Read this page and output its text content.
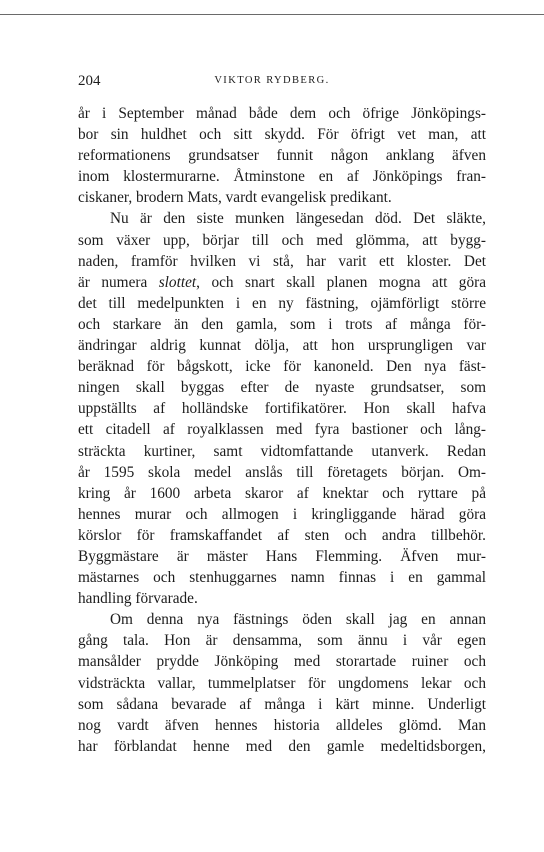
204	VIKTOR RYDBERG.
år i September månad både dem och öfrige Jönköpings-
bor sin huldhet och sitt skydd. För öfrigt vet man, att
reformationens grundsatser funnit någon anklang äfven
inom klostermurarne. Åtminstone en af Jönköpings fran-
ciskaner, brodern Mats, vardt evangelisk predikant.
Nu är den siste munken längesedan död. Det släkte,
som växer upp, börjar till och med glömma, att bygg-
naden, framför hvilken vi stå, har varit ett kloster. Det
är numera slottet, och snart skall planen mogna att göra
det till medelpunkten i en ny fästning, ojämförligt större
och starkare än den gamla, som i trots af många för-
ändringar aldrig kunnat dölja, att hon ursprungligen var
beräknad för bågskott, icke för kanoneld. Den nya fäst-
ningen skall byggas efter de nyaste grundsatser, som
uppställts af holländske fortifikatörer. Hon skall hafva
ett citadell af royalklassen med fyra bastioner och lång-
sträckta kurtiner, samt vidtomfattande utanverk. Redan
år 1595 skola medel anslås till företagets början. Om-
kring år 1600 arbeta skaror af knektar och ryttare på
hennes murar och allmogen i kringliggande härad göra
körslor för framskaffandet af sten och andra tillbehör.
Byggmästare är mäster Hans Flemming. Äfven mur-
mästarnes och stenhuggarnes namn finnas i en gammal
handling förvarade.
Om denna nya fästnings öden skall jag en annan
gång tala. Hon är densamma, som ännu i vår egen
mansålder prydde Jönköping med storartade ruiner och
vidsträckta vallar, tummelplatser för ungdomens lekar och
som sådana bevarade af många i kärt minne. Underligt
nog vardt äfven hennes historia alldeles glömd. Man
har förblandat henne med den gamle medeltidsborgen,
